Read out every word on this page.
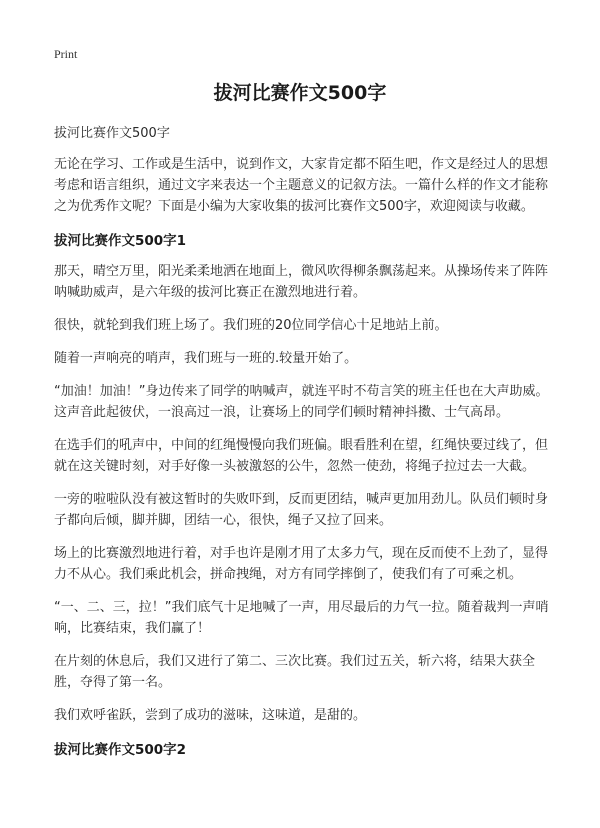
Print
拔河比赛作文500字

拔河比赛作文500字

无论在学习、工作或是生活中，说到作文，大家肯定都不陌生吧，作文是经过人的思想考虑和语言组织，通过文字来表达一个主题意义的记叙方法。一篇什么样的作文才能称之为优秀作文呢？下面是小编为大家收集的拔河比赛作文500字，欢迎阅读与收藏。

拔河比赛作文500字1

那天，晴空万里，阳光柔柔地洒在地面上，微风吹得柳条飘荡起来。从操场传来了阵阵呐喊助威声，是六年级的拔河比赛正在激烈地进行着。

很快，就轮到我们班上场了。我们班的20位同学信心十足地站上前。

随着一声响亮的哨声，我们班与一班的.较量开始了。

“加油！加油！”身边传来了同学的呐喊声，就连平时不苟言笑的班主任也在大声助威。这声音此起彼伏，一浪高过一浪，让赛场上的同学们顿时精神抖擞、士气高昂。

在选手们的吼声中，中间的红绳慢慢向我们班偏。眼看胜利在望，红绳快要过线了，但就在这关键时刻，对手好像一头被激怒的公牛，忽然一使劲，将绳子拉过去一大截。

一旁的啦啦队没有被这暂时的失败吓到，反而更团结，喊声更加用劲儿。队员们顿时身子都向后倾，脚并脚，团结一心，很快，绳子又拉了回来。

场上的比赛激烈地进行着，对手也许是刚才用了太多力气，现在反而使不上劲了，显得力不从心。我们乘此机会，拼命拽绳，对方有同学摔倒了，使我们有了可乘之机。

“一、二、三，拉！”我们底气十足地喊了一声，用尽最后的力气一拉。随着裁判一声哨响，比赛结束，我们赢了！

在片刻的休息后，我们又进行了第二、三次比赛。我们过五关，斩六将，结果大获全胜，夺得了第一名。

我们欢呼雀跃，尝到了成功的滋味，这味道，是甜的。

拔河比赛作文500字2
